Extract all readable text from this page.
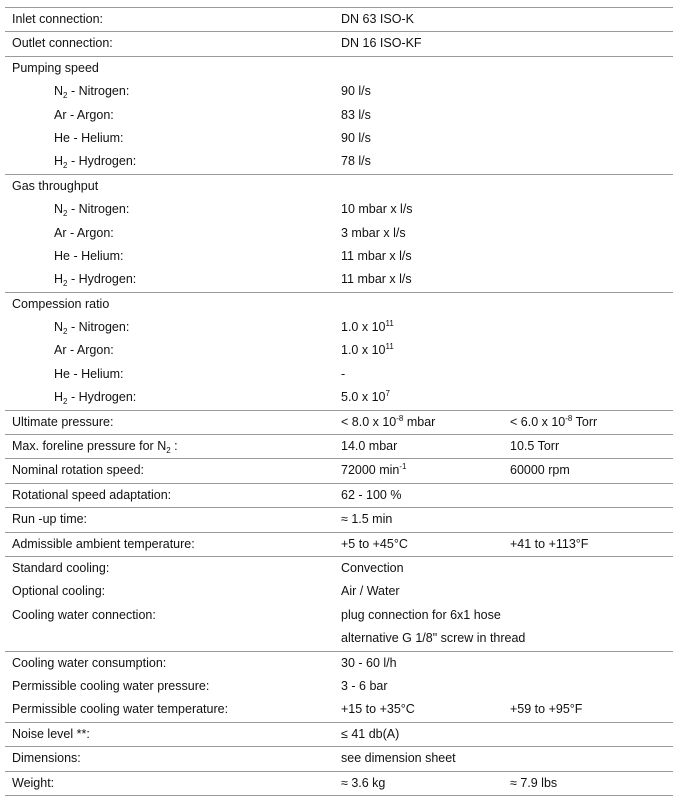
Inlet connection:	DN 63 ISO-K
Outlet connection:	DN 16 ISO-KF
Pumping speed
$N_2$ - Nitrogen:	90 l/s
Ar - Argon:	83 l/s
He - Helium:	90 l/s
$H_2$ - Hydrogen:	78 l/s
Gas throughput
$N_2$ - Nitrogen:	10 mbar x l/s
Ar - Argon:	3 mbar x l/s
He - Helium:	11 mbar x l/s
$H_2$ - Hydrogen:	11 mbar x l/s
Compession ratio
$N_2$ - Nitrogen:	1.0 x $10^{11}$
Ar - Argon:	1.0 x $10^{11}$
He - Helium:	-
$H_2$ - Hydrogen:	5.0 x $10^7$
Ultimate pressure:	< 8.0 x $10^{-8}$ mbar	< 6.0 x $10^{-8}$ Torr
Max. foreline pressure for $N_2$ :	14.0 mbar	10.5 Torr
Nominal rotation speed:	72000 $\min^{-1}$	60000 rpm
Rotational speed adaptation:	62 - 100 %
Run -up time:	≈ 1.5 min
Admissible ambient temperature:	+5 to +45°C	+41 to +113°F
Standard cooling:	Convection
Optional cooling:	Air / Water
Cooling water connection:	plug connection for 6x1 hose
alternative G 1/8" screw in thread
Cooling water consumption:	30 - 60 l/h
Permissible cooling water pressure:	3 - 6 bar
Permissible cooling water temperature:	+15 to +35°C	+59 to +95°F
Noise level **:	≤ 41 db(A)
Dimensions:	see dimension sheet
Weight:	≈ 3.6 kg	≈ 7.9 lbs
